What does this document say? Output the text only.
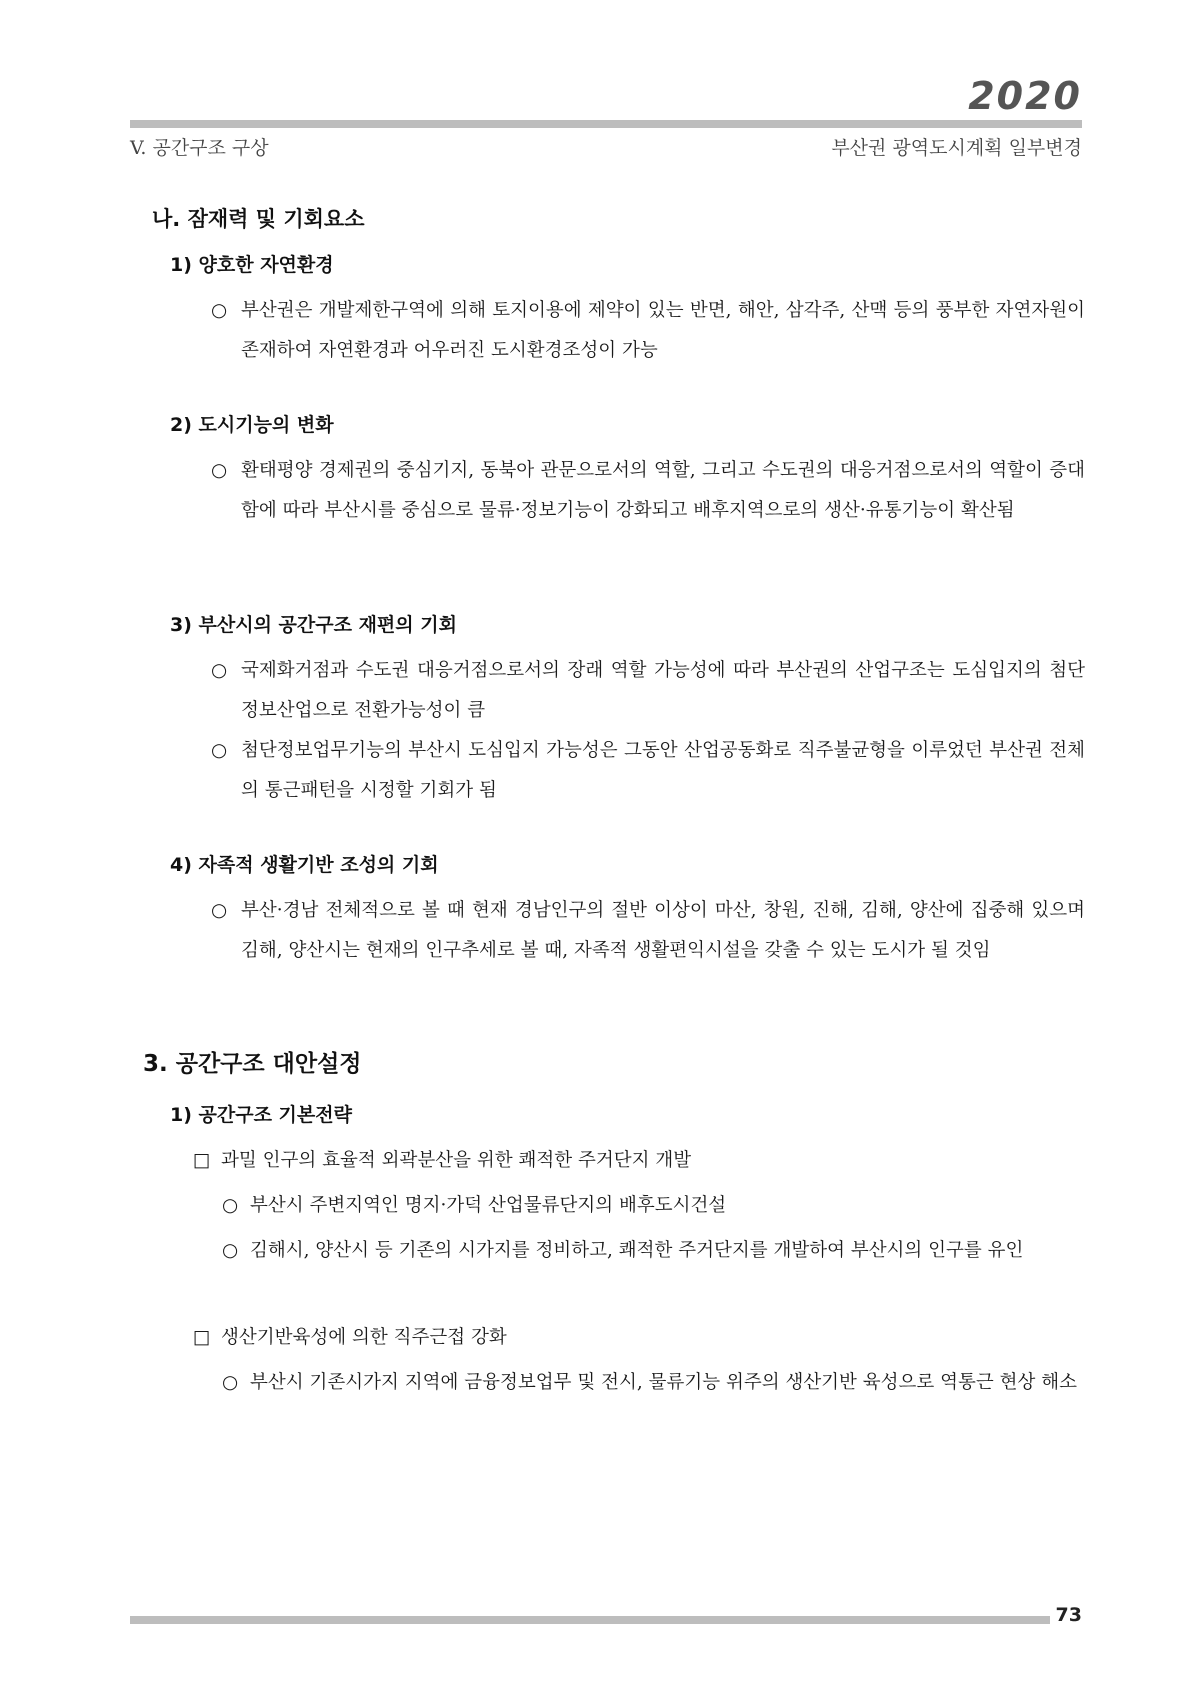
2020
V. 공간구조 구상	부산권 광역도시계획 일부변경
나. 잠재력 및 기회요소
1) 양호한 자연환경
○ 부산권은 개발제한구역에 의해 토지이용에 제약이 있는 반면, 해안, 삼각주, 산맥 등의 풍부한 자연자원이 존재하여 자연환경과 어우러진 도시환경조성이 가능
2) 도시기능의 변화
○ 환태평양 경제권의 중심기지, 동북아 관문으로서의 역할, 그리고 수도권의 대응거점으로서의 역할이 증대함에 따라 부산시를 중심으로 물류·정보기능이 강화되고 배후지역으로의 생산·유통기능이 확산됨
3) 부산시의 공간구조 재편의 기회
○ 국제화거점과 수도권 대응거점으로서의 장래 역할 가능성에 따라 부산권의 산업구조는 도심입지의 첨단정보산업으로 전환가능성이 큼
○ 첨단정보업무기능의 부산시 도심입지 가능성은 그동안 산업공동화로 직주불균형을 이루었던 부산권 전체의 통근패턴을 시정할 기회가 됨
4) 자족적 생활기반 조성의 기회
○ 부산·경남 전체적으로 볼 때 현재 경남인구의 절반 이상이 마산, 창원, 진해, 김해, 양산에 집중해 있으며 김해, 양산시는 현재의 인구추세로 볼 때, 자족적 생활편익시설을 갖출 수 있는 도시가 될 것임
3. 공간구조 대안설정
1) 공간구조 기본전략
□ 과밀 인구의 효율적 외곽분산을 위한 쾌적한 주거단지 개발
○ 부산시 주변지역인 명지·가덕 산업물류단지의 배후도시건설
○ 김해시, 양산시 등 기존의 시가지를 정비하고, 쾌적한 주거단지를 개발하여 부산시의 인구를 유인
□ 생산기반육성에 의한 직주근접 강화
○ 부산시 기존시가지 지역에 금융정보업무 및 전시, 물류기능 위주의 생산기반 육성으로 역통근 현상 해소
73
